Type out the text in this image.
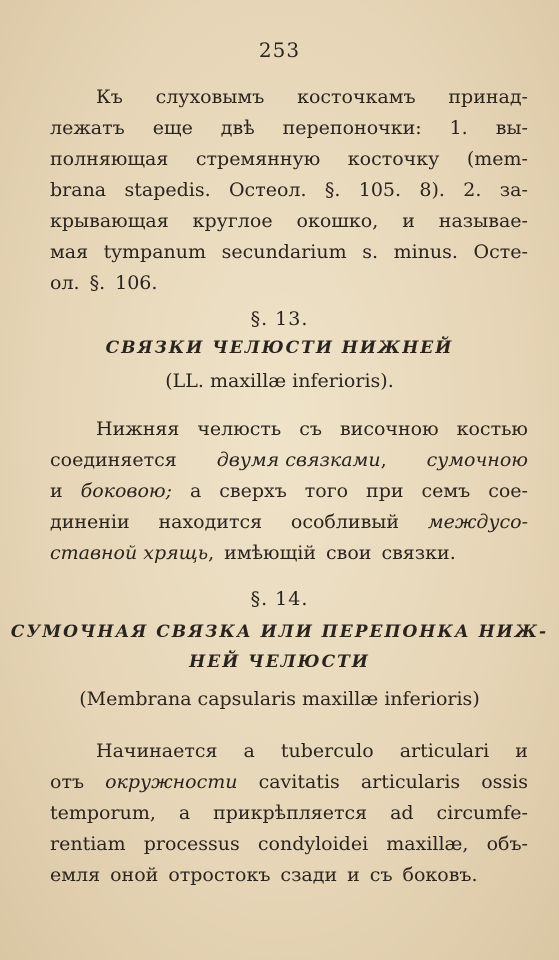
253
Къ слуховымъ косточкамъ принад-
лежатъ еще двѣ перепоночки: 1. вы-
полняющая стремянную косточку (mem-
brana stapedis. Остеол. §. 105. 8). 2. за-
крывающая круглое окошко, и называе-
мая tympanum secundarium s. minus. Осте-
ол. §. 106.
§. 13.
СВЯЗКИ ЧЕЛЮСТИ НИЖНЕЙ
(LL. maxillæ inferioris).
Нижняя челюсть съ височною костью
соединяется двумя связками, сумочною
и боковою; а сверхъ того при семъ сое-
диненіи находится особливый междусо-
ставной хрящь, имѣющій свои связки.
§. 14.
СУМОЧНАЯ СВЯЗКА ИЛИ ПЕРЕПОНКА НИЖ-
НЕЙ ЧЕЛЮСТИ
(Membrana capsularis maxillæ inferioris)
Начинается a tuberculo articulari и
отъ окружности cavitatis articularis ossis
temporum, а прикрѣпляется ad circumfe-
rentiam processus condyloidei maxillæ, объ-
емля оной отростокъ сзади и съ боковъ.
